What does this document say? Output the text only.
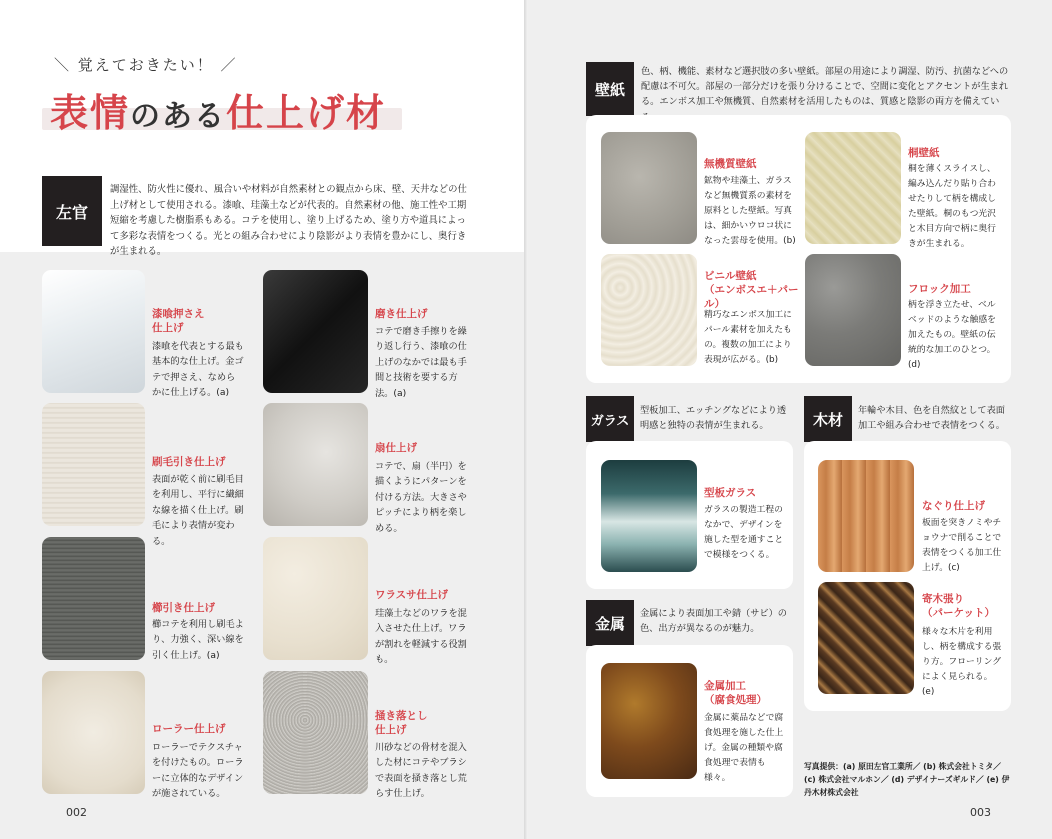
＼ 覚えておきたい！ ／
表情のある仕上げ材
左官
調湿性、防火性に優れ、風合いや材料が自然素材との観点から床、壁、天井などの仕上げ材として使用される。漆喰、珪藻土などが代表的。自然素材の他、施工性や工期短縮を考慮した樹脂系もある。コテを使用し、塗り上げるため、塗り方や道具によって多彩な表情をつくる。光との組み合わせにより陰影がより表情を豊かにし、奥行きが生まれる。
漆喰押さえ
仕上げ
漆喰を代表とする最も基本的な仕上げ。金ゴテで押さえ、なめらかに仕上げる。(a)
磨き仕上げ
コテで磨き手擦りを繰り返し行う、漆喰の仕上げのなかでは最も手間と技術を要する方法。(a)
刷毛引き仕上げ
表面が乾く前に刷毛目を利用し、平行に繊細な線を描く仕上げ。刷毛により表情が変わる。
扇仕上げ
コテで、扇（半円）を描くようにパターンを付ける方法。大きさやピッチにより柄を楽しめる。
櫛引き仕上げ
櫛コテを利用し刷毛より、力強く、深い線を引く仕上げ。(a)
ワラスサ仕上げ
珪藻土などのワラを混入させた仕上げ。ワラが割れを軽減する役割も。
ローラー仕上げ
ローラーでテクスチャを付けたもの。ローラーに立体的なデザインが施されている。
掻き落とし
仕上げ
川砂などの骨材を混入した材にコテやブラシで表面を掻き落とし荒らす仕上げ。
002
壁紙
色、柄、機能、素材など選択肢の多い壁紙。部屋の用途により調湿、防汚、抗菌などへの配慮は不可欠。部屋の一部分だけを張り分けることで、空間に変化とアクセントが生まれる。エンボス加工や無機質、自然素材を活用したものは、質感と陰影の両方を備えてい
無機質壁紙
鉱物や珪藻土、ガラスなど無機質系の素材を原料とした壁紙。写真は、細かいウロコ状になった雲母を使用。(b)
桐壁紙
桐を薄くスライスし、編み込んだり貼り合わせたりして柄を構成した壁紙。桐のもつ光沢と木目方向で柄に奥行きが生まれる。
ビニル壁紙
（エンボスエ＋パール）
精巧なエンボス加工にパール素材を加えたもの。複数の加工により表現が広がる。(b)
フロック加工
柄を浮き立たせ、ベルベッドのような触感を加えたもの。壁紙の伝統的な加工のひとつ。(d)
ガラス
型板加工、エッチングなどにより透明感と独特の表情が生まれる。
型板ガラス
ガラスの製造工程のなかで、デザインを施した型を通すことで模様をつくる。
金属
金属により表面加工や錆（サビ）の色、出方が異なるのが魅力。
金属加工
（腐食処理）
金属に薬品などで腐食処理を施した仕上げ。金属の種類や腐食処理で表情も様々。
木材	年輪や木目、色を自然紋として表面加工や組み合わせで表情をつくる。
なぐり仕上げ
板面を突きノミやチョウナで削ることで表情をつくる加工仕上げ。(c)
寄木張り
（パーケット）
様々な木片を利用し、柄を構成する張り方。フローリングによく見られる。(e)
写真提供：(a) 原田左官工業所／ (b) 株式会社トミタ／ (c) 株式会社マルホン／ (d) デザイナーズギルド／ (e) 伊丹木材株式会社
003
